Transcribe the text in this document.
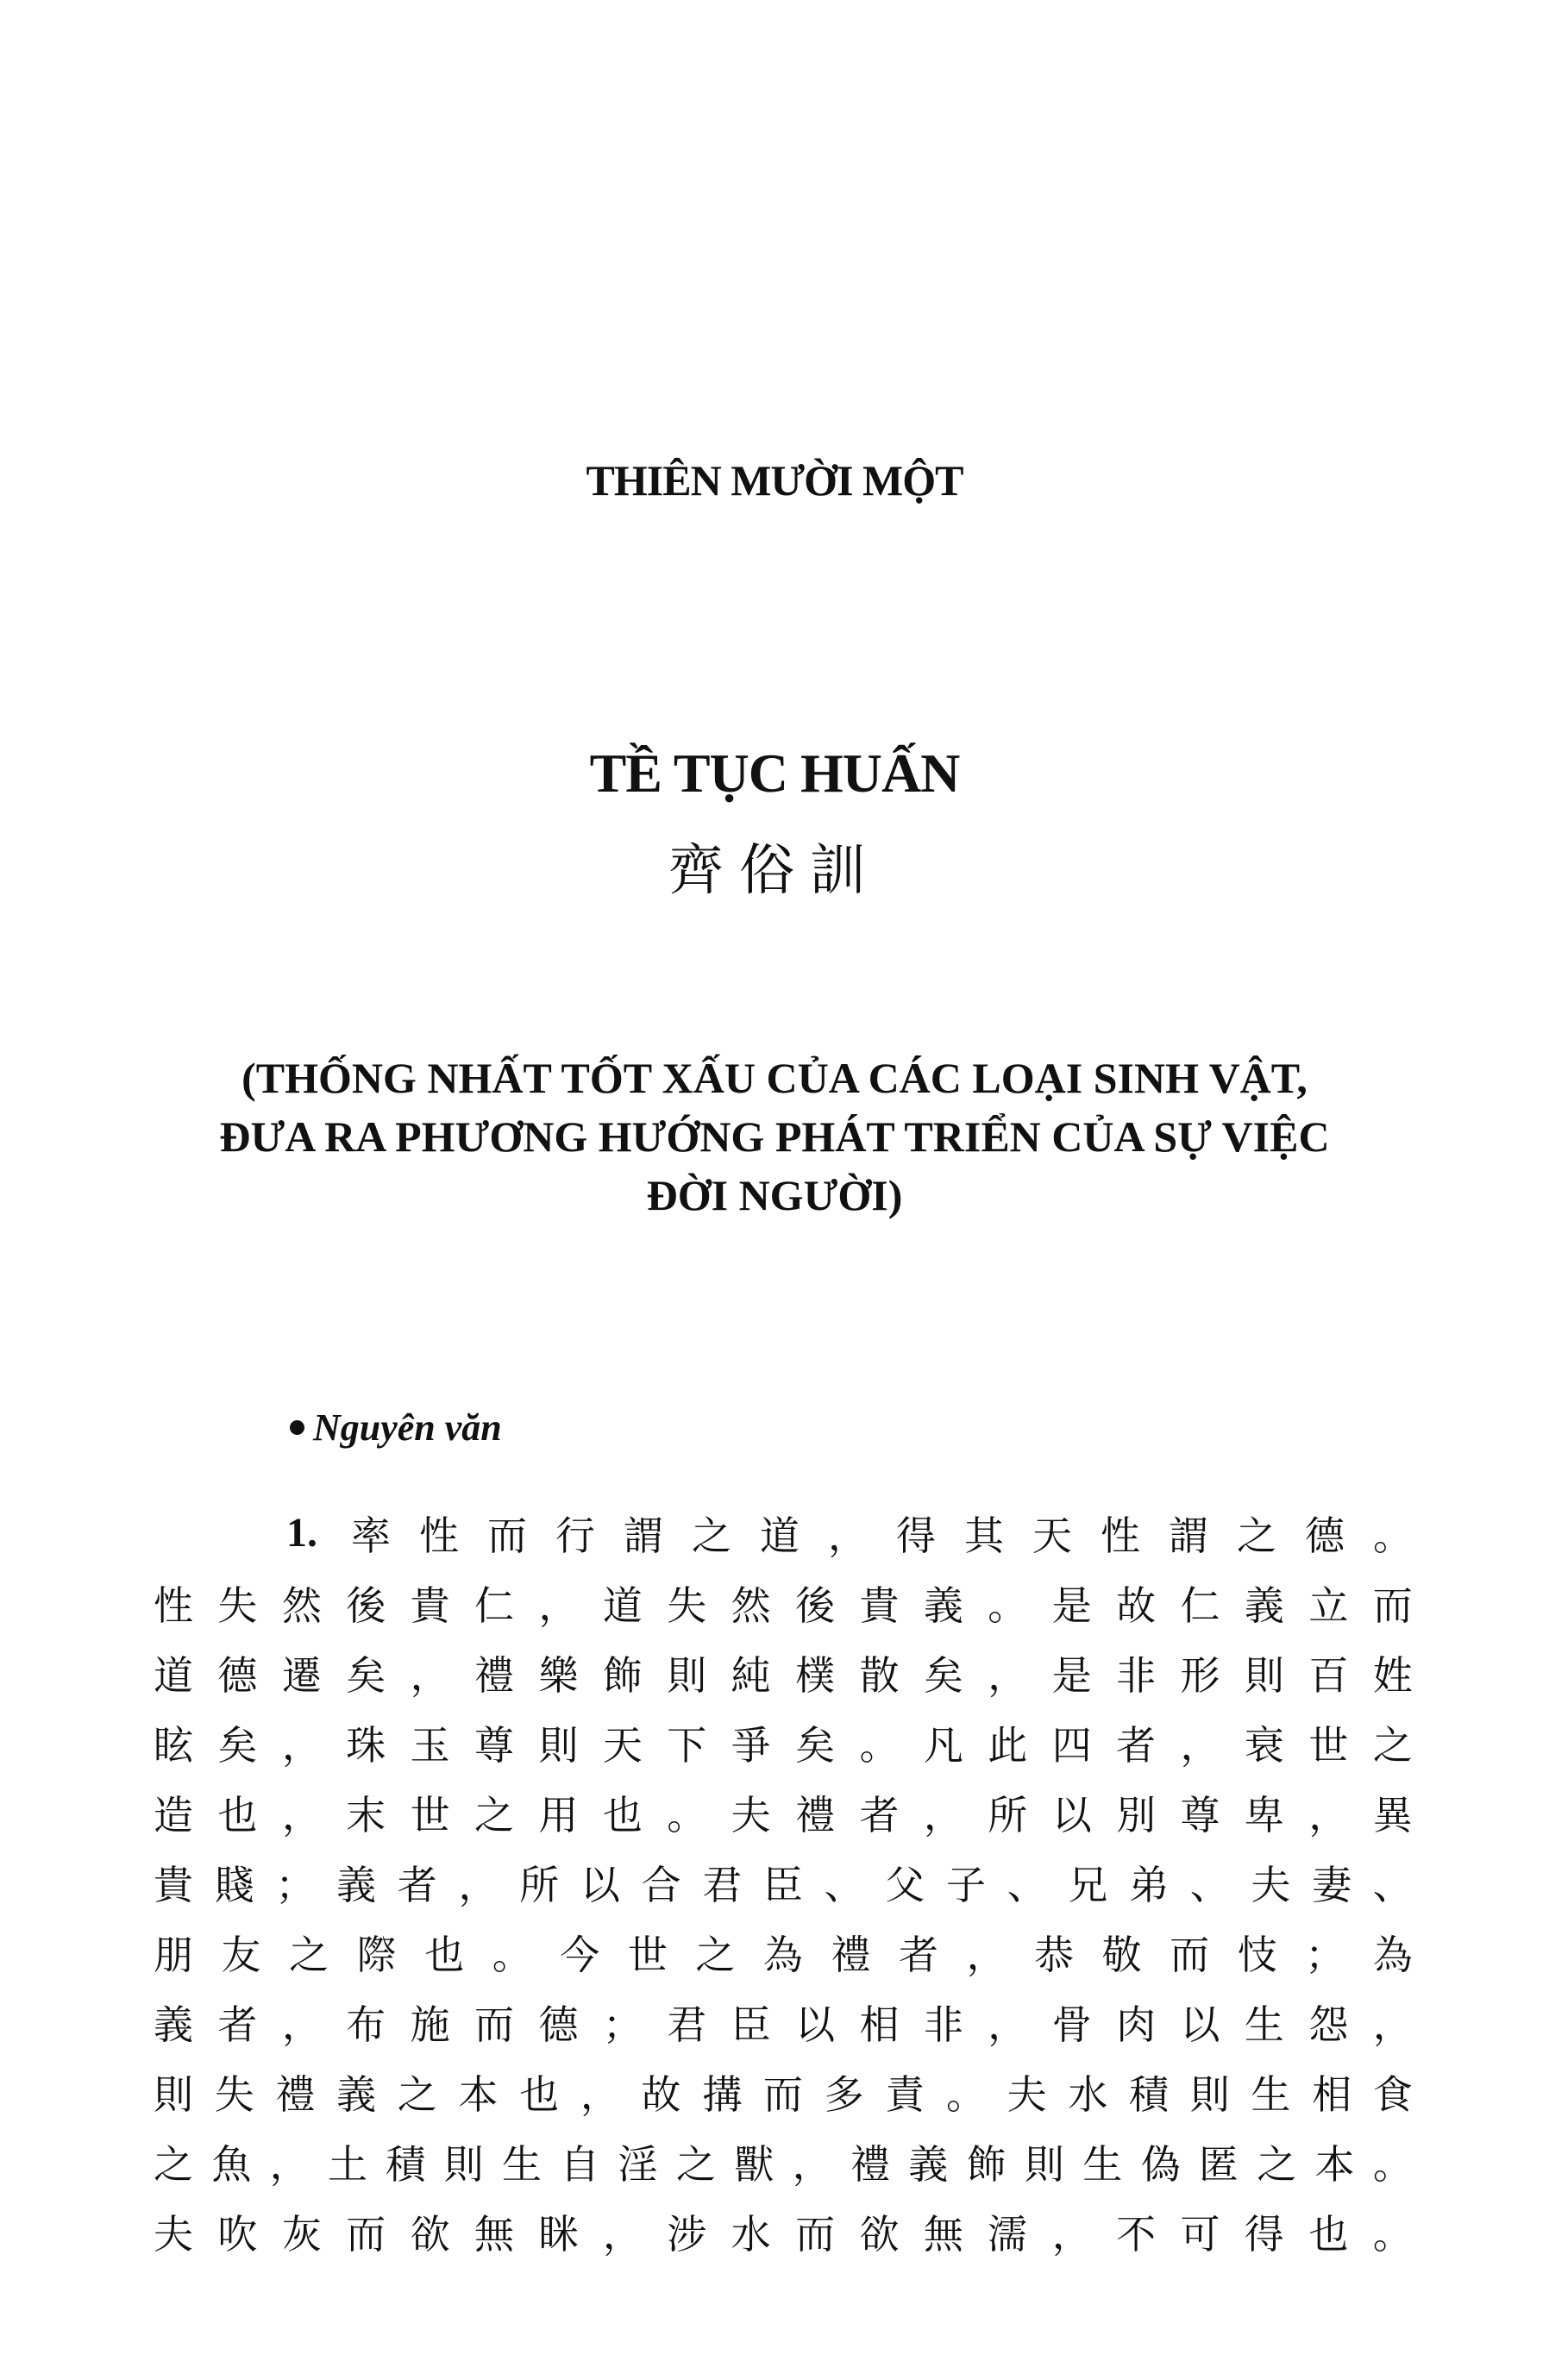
THIÊN MƯỜI MỘT
TỀ TỤC HUẤN
齊俗訓
(THỐNG NHẤT TỐT XẤU CỦA CÁC LOẠI SINH VẬT,
ĐƯA RA PHƯƠNG HƯỚNG PHÁT TRIỂN CỦA SỰ VIỆC
ĐỜI NGƯỜI)
Nguyên văn
1. 率 性 而 行 謂 之 道 ， 得 其 天 性 謂 之 德 。
性 失 然 後 貴 仁 ， 道 失 然 後 貴 義 。 是 故 仁 義 立 而
道 德 遷 矣 ， 禮 樂 飾 則 純 樸 散 矣 ， 是 非 形 則 百 姓
眩 矣 ， 珠 玉 尊 則 天 下 爭 矣 。 凡 此 四 者 ， 衰 世 之
造 也 ， 末 世 之 用 也 。 夫 禮 者 ， 所 以 別 尊 卑 ， 異
貴 賤 ； 義 者 ， 所 以 合 君 臣 、 父 子 、 兄 弟 、 夫 妻 、
朋 友 之 際 也 。 今 世 之 為 禮 者 ， 恭 敬 而 忮 ； 為
義 者 ， 布 施 而 德 ； 君 臣 以 相 非 ， 骨 肉 以 生 怨 ，
則 失 禮 義 之 本 也 ， 故 搆 而 多 責 。 夫 水 積 則 生 相 食
之 魚 ， 土 積 則 生 自 淫 之 獸 ， 禮 義 飾 則 生 偽 匿 之 本 。
夫 吹 灰 而 欲 無 眯 ， 涉 水 而 欲 無 濡 ， 不 可 得 也 。
